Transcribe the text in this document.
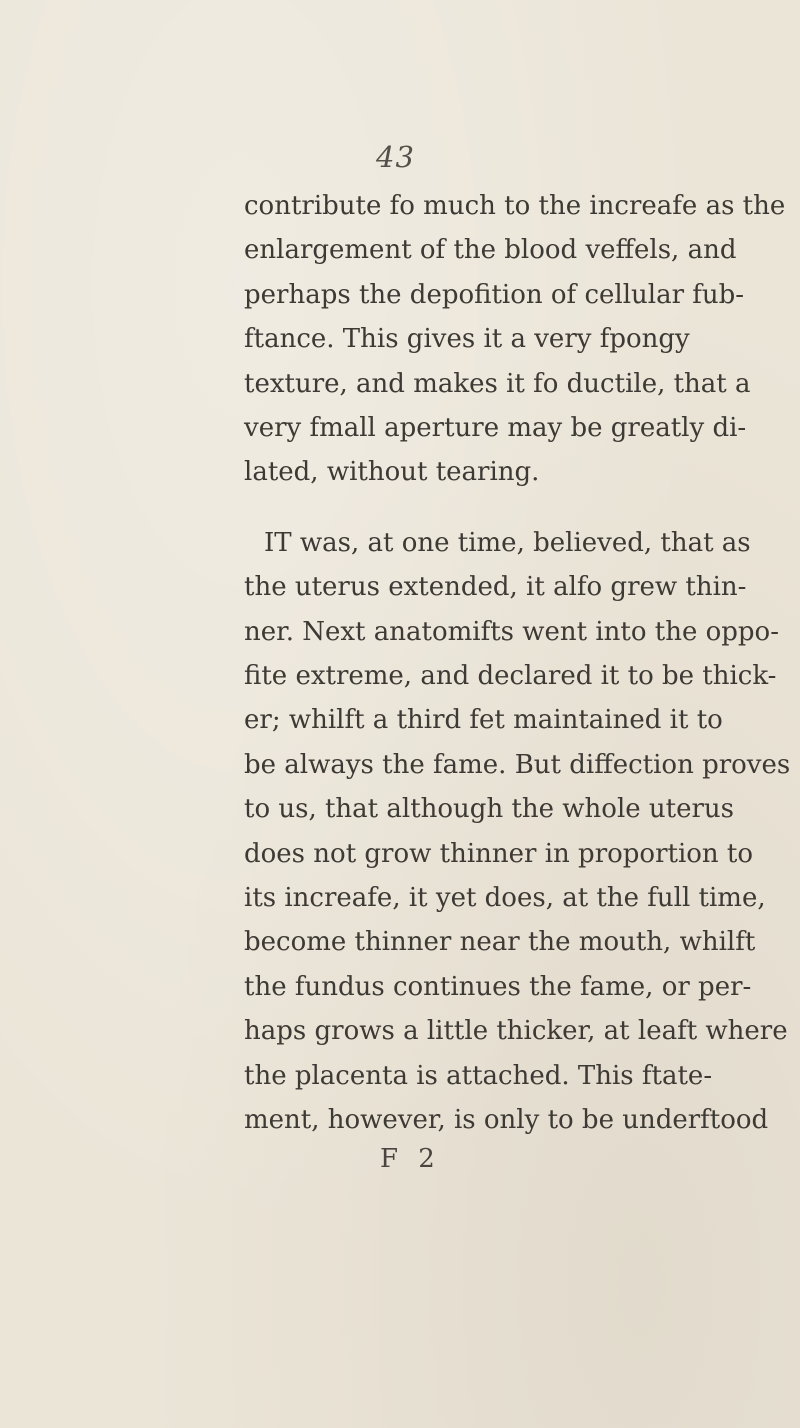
43
contribute fo much to the increafe as the
enlargement of the blood veffels, and
perhaps the depofition of cellular fub-
ftance. This gives it a very fpongy
texture, and makes it fo ductile, that a
very fmall aperture may be greatly di-
lated, without tearing.
IT was, at one time, believed, that as
the uterus extended, it alfo grew thin-
ner. Next anatomifts went into the oppo-
fite extreme, and declared it to be thick-
er; whilft a third fet maintained it to
be always the fame. But diffection proves
to us, that although the whole uterus
does not grow thinner in proportion to
its increafe, it yet does, at the full time,
become thinner near the mouth, whilft
the fundus continues the fame, or per-
haps grows a little thicker, at leaft where
the placenta is attached. This ftate-
ment, however, is only to be underftood
F 2
